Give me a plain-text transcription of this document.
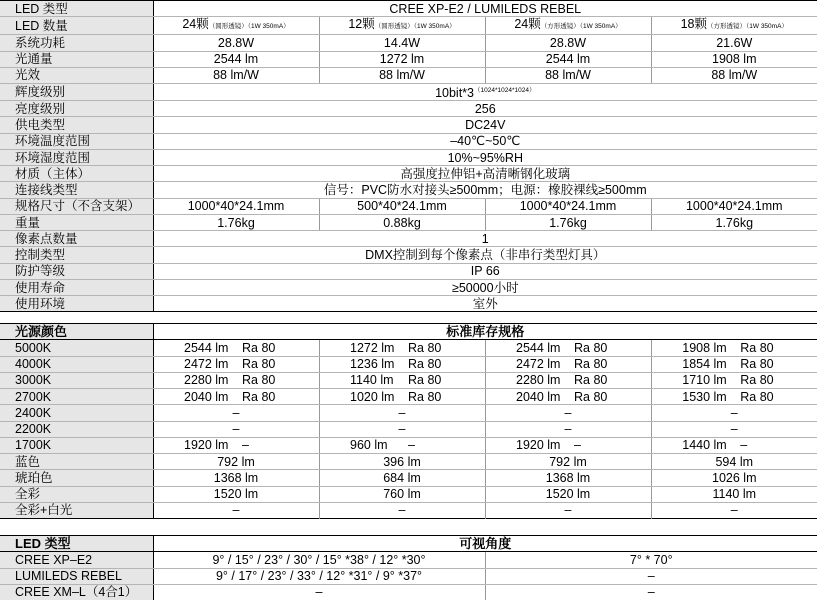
LED 类型	CREE XP-E2 / LUMILEDS REBEL			
LED 数量	24颗（圆形透镜）（1W 350mA）	12颗（圆形透镜）（1W 350mA）	24颗（方形透镜）（1W 350mA）	18颗（方形透镜）（1W 350mA）
系统功耗	28.8W	14.4W	28.8W	21.6W
光通量	2544 lm	1272 lm	2544 lm	1908 lm
光效	88 lm/W	88 lm/W	88 lm/W	88 lm/W
辉度级别	$10bit*3^{(1024*1024*1024)}$
亮度级别	256			
供电类型	DC24V			
环境温度范围	–40℃~50℃			
环境湿度范围	10%~95%RH			
材质（主体）	高强度拉伸铝+高清晰钢化玻璃			
连接线类型	信号：PVC防水对接头≥500mm；电源：橡胶裸线≥500mm			
规格尺寸（不含支架）	1000*40*24.1mm	500*40*24.1mm	1000*40*24.1mm	1000*40*24.1mm
重量	1.76kg	0.88kg	1.76kg	1.76kg
像素点数量	1			
控制类型	DMX控制到每个像素点（非串行类型灯具）			
防护等级	IP 66			
使用寿命	≥50000小时			
使用环境	室外			
光源颜色	标准库存规格			
5000K	2544 lm Ra 80	1272 lm Ra 80	2544 lm Ra 80	1908 lm Ra 80
4000K	2472 lm Ra 80	1236 lm Ra 80	2472 lm Ra 80	1854 lm Ra 80
3000K	2280 lm Ra 80	1140 lm Ra 80	2280 lm Ra 80	1710 lm Ra 80
2700K	2040 lm Ra 80	1020 lm Ra 80	2040 lm Ra 80	1530 lm Ra 80
2400K	–	–	–	–
2200K	–	–	–	–
1700K	1920 lm –	960 lm –	1920 lm –	1440 lm –
蓝色	792 lm	396 lm	792 lm	594 lm
琥珀色	1368 lm	684 lm	1368 lm	1026 lm
全彩	1520 lm	760 lm	1520 lm	1140 lm
全彩+白光	–	–	–	–
LED 类型	可视角度	
CREE XP–E2	9° / 15° / 23° / 30° / 15° *38° / 12° *30°	7° * 70°
LUMILEDS REBEL	9° / 17° / 23° / 33° / 12° *31° / 9° *37°	–
CREE XM–L（4合1）	–	–
